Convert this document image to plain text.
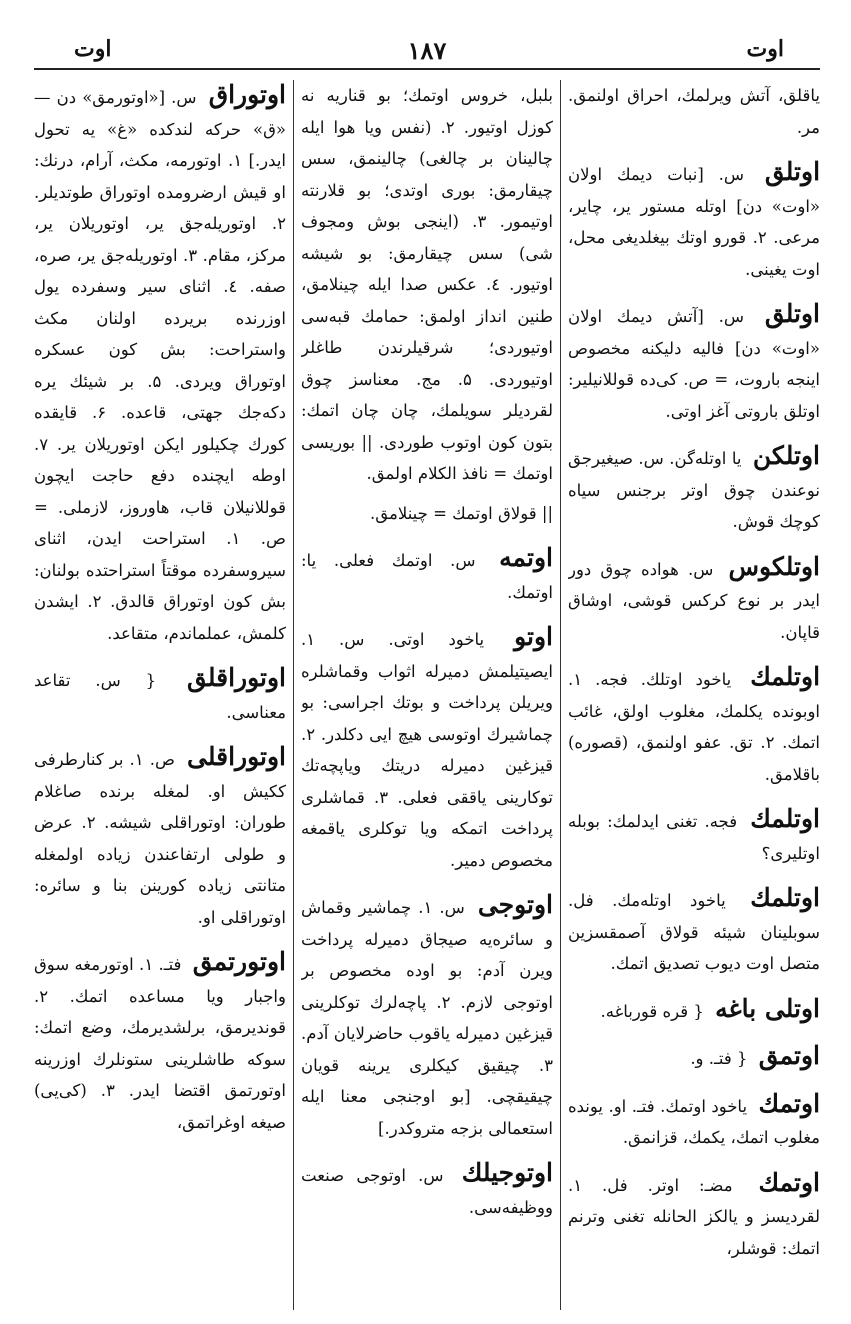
اوت
١٨٧
اوت
یاقلق، آتش ویرلمك، احراق اولنمق. مر.
اوتلق س. [نبات دیمك اولان «اوت» دن] اوتله مستور یر، چایر، مرعی. ۲. قورو اوتك بیغلدیغی محل، اوت یغینی.
اوتلق س. [آتش دیمك اولان «اوت» دن] فالیه دلیکنه مخصوص اینجه باروت، = ص. کی‌ده قوللانیلیر: اوتلق باروتی آغز اوتی.
اوتلکن یا اوتله‌گن. س. صیغیرجق نوعندن چوق اوتر برجنس سیاه کوچك قوش.
اوتلکوس س. هواده چوق دور ایدر بر نوع کرکس قوشی، اوشاق قاپان.
اوتلمك یاخود اوتلك. فجه. ۱. اوبونده یکلمك، مغلوب اولق، غائب اتمك. ۲. تق. عفو اولنمق، (قصوره) باقلامق.
اوتلمك فجه. تغنی ایدلمك: بوبله اوتلیری؟
اوتلمك یاخود اوتله‌مك. فل. سوبلینان شیئه قولاق آصمقسزین متصل اوت دیوب تصدیق اتمك.
اوتلی باغه { قره قورباغه.
اوتمق { فتـ. و.
اوتمك یاخود اوتمك. فتـ. او. یونده مغلوب اتمك، یکمك، قزانمق.
اوتمك مضـ: اوتر. فل. ۱. لقردیسز و یالکز الحانله تغنی وترنم اتمك: قوشلر،
بلبل، خروس اوتمك؛ بو قناریه نه کوزل اوتیور. ۲. (نفس ویا هوا ایله چالینان بر چالغی) چالینمق، سس چیقارمق: بوری اوتدی؛ بو قلارنته اوتیمور. ۳. (اینجی بوش ومجوف شی) سس چیقارمق: بو شیشه اوتیور. ٤. عکس صدا ایله چینلامق، طنین انداز اولمق: حمامك قبه‌سی اوتیوردی؛ شرقیلرندن طاغلر اوتیوردی. ۵. مج. معناسز چوق لقردیلر سویلمك، چان چان اتمك: بتون کون اوتوب طوردی. || بوریسی اوتمك = نافذ الکلام اولمق.
|| قولاق اوتمك = چینلامق.
اوتمه س. اوتمك فعلی. یا: اوتمك.
اوتو یاخود اوتی. س. ۱. ایصیتیلمش دمیرله اثواب وقماشلره ویریلن پرداخت و بوتك اجراسی: بو چماشیرك اوتوسی هیچ ایی دکلدر. ۲. قیزغین دمیرله دریتك ویاپچه‌تك توکارینی یاققی فعلی. ۳. قماشلری پرداخت اتمکه ویا توکلری یاقمغه مخصوص دمیر.
اوتوجی س. ۱. چماشیر وقماش و سائره‌یه صیجاق دمیرله پرداخت ویرن آدم: بو اوده مخصوص بر اوتوجی لازم. ۲. پاچه‌لرك توکلرینی قیزغین دمیرله یاقوب حاضرلایان آدم. ۳. چیقیق کیکلری یرینه قویان چیقیقچی. [بو اوجنجی معنا ایله استعمالی بزجه متروکدر.]
اوتوجیلك س. اوتوجی صنعت ووظیفه‌سی.
اوتوراق س. [«اوتورمق» دن — «ق» حرکه لندکده «غ» یه تحول ایدر.] ۱. اوتورمه، مکث، آرام، درنك: او قیش ارضرومده اوتوراق طوتدیلر. ۲. اوتوریله‌جق یر، اوتوریلان یر، مرکز، مقام. ۳. اوتوریله‌جق یر، صره، صفه. ٤. اثنای سیر وسفرده یول اوزرنده بریرده اولنان مکث واستراحت: بش کون عسکره اوتوراق ویردی. ۵. بر شیئك یره دکه‌جك جهتی، قاعده. ۶. قایقده کورك چکیلور ایکن اوتوریلان یر. ۷. اوطه ایچنده دفع حاجت ایچون قوللانیلان قاب، هاوروز، لازملی. = ص. ۱. استراحت ایدن، اثنای سیروسفرده موقتاً استراحتده بولنان: بش کون اوتوراق قالدق. ۲. ایشدن کلمش، عملماندم، متقاعد.
اوتوراقلق { س. تقاعد معناسی.
اوتوراقلی ص. ۱. بر کنارطرفی ککیش او. لمغله برنده صاغلام طوران: اوتوراقلی شیشه. ۲. عرض و طولی ارتفاعندن زیاده اولمغله متانتی زیاده کورینن بنا و سائره: اوتوراقلی او.
اوتورتمق فتـ. ۱. اوتورمغه سوق واجبار ویا مساعده اتمك. ۲. قوندیرمق، برلشدیرمك، وضع اتمك: سوکه طاشلرینی ستونلرك اوزرینه اوتورتمق اقتضا ایدر. ۳. (کی‌یی) صیغه اوغراتمق،
